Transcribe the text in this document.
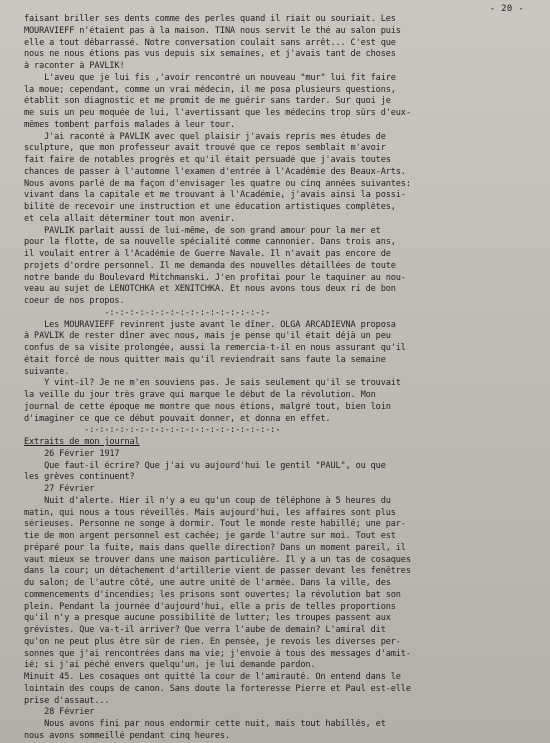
- 20 -
faisant briller ses dents comme des perles quand il riait ou souriait. Les
MOURAVIEFF n'étaient pas à la maison. TINA nous servit le thé au salon puis
elle a tout débarrassé. Notre conversation coulait sans arrêt... C'est que
nous ne nous étions pas vus depuis six semaines, et j'avais tant de choses
à raconter à PAVLIK!
L'aveu que je lui fis ,'avoir rencontré un nouveau "mur" lui fit faire
la moue; cependant, comme un vrai médecin, il me posa plusieurs questions,
établit son diagnostic et me promit de me guérir sans tarder. Sur quoi je
me suis un peu moquée de lui, l'avertissant que les médecins trop sûrs d'eux-
mêmes tombent parfois malades à leur tour.
J'ai raconté à PAVLIK avec quel plaisir j'avais repris mes études de
sculpture, que mon professeur avait trouvé que ce repos semblait m'avoir
fait faire de notables progrès et qu'il était persuadé que j'avais toutes
chances de passer à l'automne l'examen d'entrée à l'Académie des Beaux-Arts.
Nous avons parlé de ma façon d'envisager les quatre ou cinq années suivantes:
vivant dans la capitale et me trouvant à l'Académie, j'avais ainsi la possi-
bilité de recevoir une instruction et une éducation artistiques complètes,
et cela allait déterminer tout mon avenir.
PAVLIK parlait aussi de lui-même, de son grand amour pour la mer et
pour la flotte, de sa nouvelle spécialité comme cannonier. Dans trois ans,
il voulait entrer à l'Académie de Guerre Navale. Il n'avait pas encore de
projets d'ordre personnel. Il me demanda des nouvelles détaillées de toute
notre bande du Boulevard Mitchmanski. J'en profitai pour le taquiner au nou-
veau au sujet de LENOTCHKA et XENITCHKA. Et nous avons tous deux ri de bon
coeur de nos propos.
-:-:-:-:-:-:-:-:-:-:-:-:-:-:-:-:-
Les MOURAVIEFF revinrent juste avant le dîner. OLGA ARCADIEVNA proposa
à PAVLIK de rester dîner avec nous, mais je pense qu'il était déjà un peu
confus de sa visite prolongée, aussi la remercia-t-il en nous assurant qu'il
était forcé de nous quitter mais qu'il reviendrait sans faute la semaine
suivante.
Y vint-il? Je ne m'en souviens pas. Je sais seulement qu'il se trouvait
la veille du jour très grave qui marque le début de la révolution. Mon
journal de cette époque me montre que nous étions, malgré tout, bien loin
d'imaginer ce que ce début pouvait donner, et donna en effet.
-:-:-:-:-:-:-:-:-:-:-:-:-:-:-:-:-:-:-:-
Extraits de mon journal
26 Février 1917
Que faut-il écrire? Que j'ai vu aujourd'hui le gentil "PAUL", ou que
les grèves continuent?
27 Février
Nuit d'alerte. Hier il n'y a eu qu'un coup de téléphone à 5 heures du
matin, qui nous a tous réveillés. Mais aujourd'hui, les affaires sont plus
sérieuses. Personne ne songe à dormir. Tout le monde reste habillé; une par-
tie de mon argent personnel est cachée; je garde l'autre sur moi. Tout est
préparé pour la fuite, mais dans quelle direction? Dans un moment pareil, il
vaut mieux se trouver dans une maison particulière. Il y a un tas de cosaques
dans la cour; un détachement d'artillerie vient de passer devant les fenêtres
du salon; de l'autre côté, une autre unité de l'armée. Dans la ville, des
commencements d'incendies; les prisons sont ouvertes; la révolution bat son
plein. Pendant la journée d'aujourd'hui, elle a pris de telles proportions
qu'il n'y a presque aucune possibilité de lutter; les troupes passent aux
grévistes. Que va-t-il arriver? Que verra l'aube de demain? L'amiral dit
qu'on ne peut plus être sûr de rien. En pensée, je revois les diverses per-
sonnes que j'ai rencontrées dans ma vie; j'envoie à tous des messages d'amit-
ié; si j'ai péché envers quelqu'un, je lui demande pardon.
Minuit 45. Les cosaques ont quitté la cour de l'amirauté. On entend dans le
lointain des coups de canon. Sans doute la forteresse Pierre et Paul est-elle
prise d'assaut...
28 Février
Nous avons fini par nous endormir cette nuit, mais tout habillés, et
nous avons sommeillé pendant cinq heures.
